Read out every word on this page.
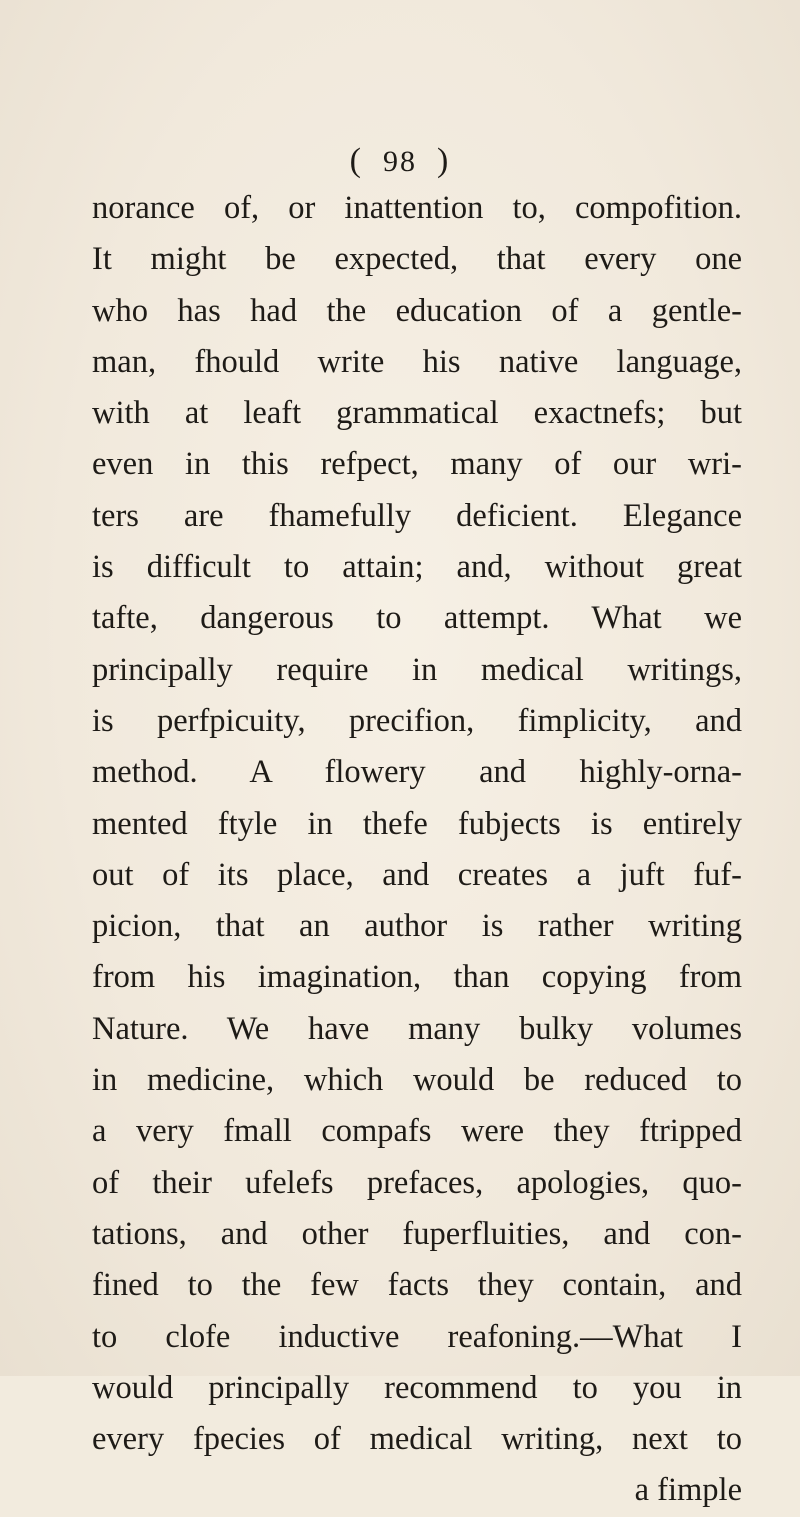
( 98 )
norance of, or inattention to, compofition.
It might be expected, that every one
who has had the education of a gentle-
man, fhould write his native language,
with at leaft grammatical exactnefs; but
even in this refpect, many of our wri-
ters are fhamefully deficient. Elegance
is difficult to attain; and, without great
tafte, dangerous to attempt. What we
principally require in medical writings,
is perfpicuity, precifion, fimplicity, and
method. A flowery and highly-orna-
mented ftyle in thefe fubjects is entirely
out of its place, and creates a juft fuf-
picion, that an author is rather writing
from his imagination, than copying from
Nature. We have many bulky volumes
in medicine, which would be reduced to
a very fmall compafs were they ftripped
of their ufelefs prefaces, apologies, quo-
tations, and other fuperfluities, and con-
fined to the few facts they contain, and
to clofe inductive reafoning.—What I
would principally recommend to you in
every fpecies of medical writing, next to
a fimple
